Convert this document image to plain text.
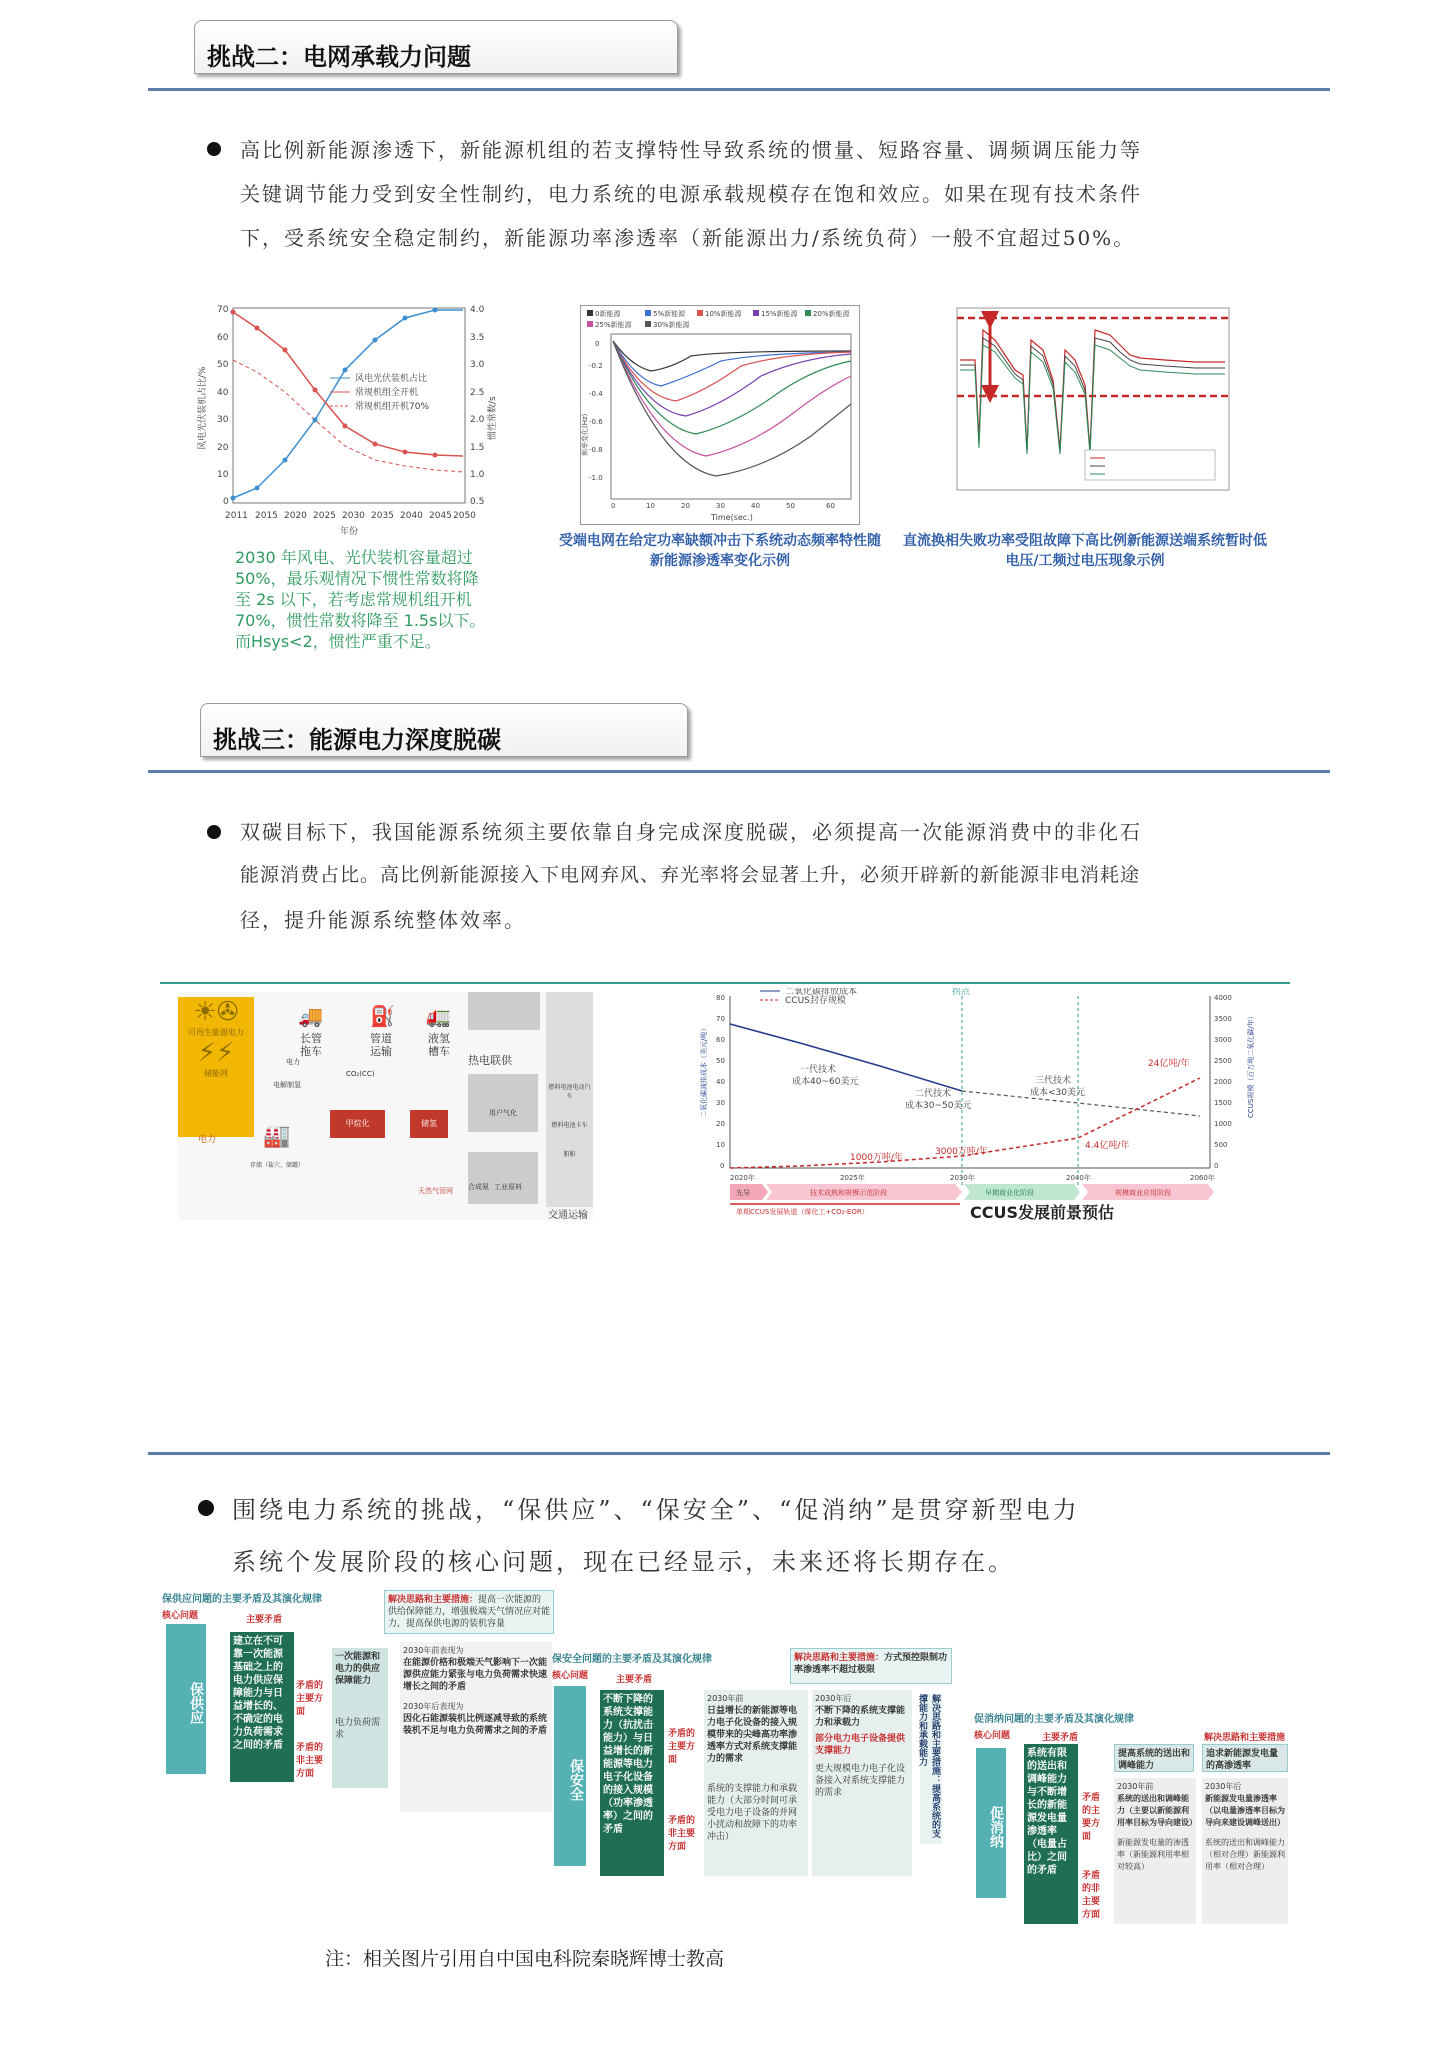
挑战二：电网承载力问题
高比例新能源渗透下，新能源机组的若支撑特性导致系统的惯量、短路容量、调频调压能力等
关键调节能力受到安全性制约，电力系统的电源承载规模存在饱和效应。如果在现有技术条件
下，受系统安全稳定制约，新能源功率渗透率（新能源出力/系统负荷）一般不宜超过50%。
70
60
50
40
30
20
10
0
4.0
3.5
3.0
2.5
2.0
1.5
1.0
0.5
2011 2015 2020 2025 2030 2035 2040 2045 2050
年份
风电光伏装机占比/%	惯性常数/s
风电光伏装机占比
常规机组全开机
常规机组开机70%
2030 年风电、光伏装机容量超过
50%，最乐观情况下惯性常数将降
至 2s 以下，若考虑常规机组开机
70%，惯性常数将降至 1.5s以下。
而Hsys<2，惯性严重不足。
0新能源	5%新能源	10%新能源	15%新能源 20%新能源
25%新能源	30%新能源
0
-0.2
-0.4
-0.6
-0.8
-1.0
0	10	20	30	40	50	60
Time(sec.)
频率变化(Hz)
受端电网在给定功率缺额冲击下系统动态频率特性随
新能源渗透率变化示例
直流换相失败功率受阻故障下高比例新能源送端系统暂时低
电压/工频过电压现象示例
挑战三：能源电力深度脱碳
双碳目标下，我国能源系统须主要依靠自身完成深度脱碳，必须提高一次能源消费中的非化石
能源消费占比。高比例新能源接入下电网弃风、弃光率将会显著上升，必须开辟新的新能源非电消耗途
径，提升能源系统整体效率。
☀✇
可再生能源电力
⚡⚡
储能网
电力
🚚
长管拖车
⛽
管道运输
🚛
液氢槽车
热电联供
燃料电池电动汽车
燃料电池卡车
船舶
电力
电解制氢
CO₂(CC)
甲烷化	储氢
用户气化
🏭
存储（盐穴、储罐）
天然气管网 合成氨 工业原料
交通运输
二氧化碳排放成本
CCUS封存规模
80
70
60
50
40
30
20
10
0
4000
3500
3000
2500
2000
1500
1000
500
0
二氧化碳减排成本（美元/吨）	CCUS规模（百万吨二氧化碳/年）
拐点
一代技术
成本40~60美元
二代技术
成本30~50美元
三代技术
成本<30美元
1000万吨/年
3000万吨/年
4.4亿吨/年
24亿吨/年
2020年	2025年	2030年	2040年	2060年
先导	技术成熟和规模示范阶段	早期商业化阶段	规模商业应用阶段
单期CCUS发展轨道（煤化工+CO₂-EOR）	CCUS发展前景预估
围绕电力系统的挑战，“保供应”、“保安全”、“促消纳”是贯穿新型电力
系统个发展阶段的核心问题，现在已经显示，未来还将长期存在。
保供应问题的主要矛盾及其演化规律
核心问题	主要矛盾
保供应
建立在不可靠一次能源基础之上的电力供应保障能力与日益增长的、不确定的电力负荷需求之间的矛盾
矛盾的主要方面
矛盾的非主要方面
一次能源和电力的供应保障能力
电力负荷需求
解决思路和主要措施：提高一次能源的供给保障能力，增强极端天气情况应对能力，提高保供电源的装机容量
2030年前表现为
在能源价格和极端天气影响下一次能源供应能力紧张与电力负荷需求快速增长之间的矛盾
2030年后表现为
因化石能源装机比例逐减导致的系统装机不足与电力负荷需求之间的矛盾
保安全问题的主要矛盾及其演化规律
核心问题	主要矛盾
保安全
不断下降的系统支撑能力（抗扰击能力）与日益增长的新能源等电力电子化设备的接入规模（功率渗透率）之间的矛盾
矛盾的主要方面
矛盾的非主要方面
解决思路和主要措施：方式预控限制功率渗透率不超过极限
2030年前
日益增长的新能源等电力电子化设备的接入规模带来的尖峰高功率渗透率方式对系统支撑能力的需求
系统的支撑能力和承载能力（大部分时间可承受电力电子设备的并网小扰动和故障下的功率冲击）
2030年后
不断下降的系统支撑能力和承载力
部分电力电子设备提供支撑能力
更大规模电力电子化设备接入对系统支撑能力的需求	解决思路和主要措施：提高系统的支撑能力和承载能力	促消纳问题的主要矛盾及其演化规律
核心问题	主要矛盾	解决思路和主要措施
促消纳
系统有限的送出和调峰能力与不断增长的新能源发电量渗透率（电量占比）之间的矛盾
矛盾的主要方面
矛盾的非主要方面
提高系统的送出和调峰能力
追求新能源发电量的高渗透率
2030年前
系统的送出和调峰能力（主要以新能源利用率目标为导向建设）
新能源发电量的渗透率（新能源利用率相对较高）
2030年后
新能源发电量渗透率（以电量渗透率目标为导向来建设调峰送出）
系统的送出和调峰能力（相对合理）新能源利用率（相对合理）
注：相关图片引用自中国电科院秦晓辉博士教高
